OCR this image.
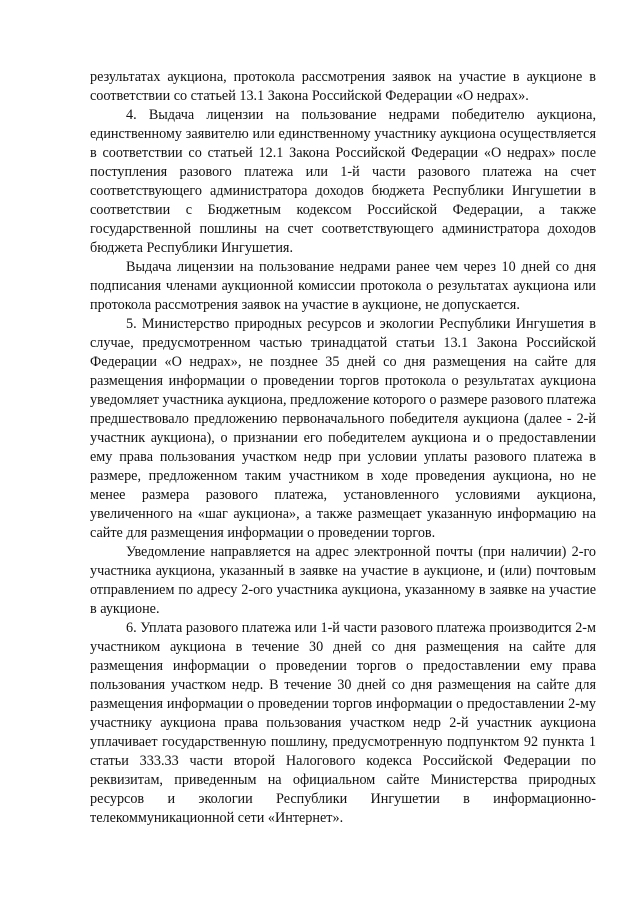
результатах аукциона, протокола рассмотрения заявок на участие в аукционе в соответствии со статьей 13.1 Закона Российской Федерации «О недрах».

4. Выдача лицензии на пользование недрами победителю аукциона, единственному заявителю или единственному участнику аукциона осуществляется в соответствии со статьей 12.1 Закона Российской Федерации «О недрах» после поступления разового платежа или 1-й части разового платежа на счет соответствующего администратора доходов бюджета Республики Ингушетии в соответствии с Бюджетным кодексом Российской Федерации, а также государственной пошлины на счет соответствующего администратора доходов бюджета Республики Ингушетия.

Выдача лицензии на пользование недрами ранее чем через 10 дней со дня подписания членами аукционной комиссии протокола о результатах аукциона или протокола рассмотрения заявок на участие в аукционе, не допускается.

5. Министерство природных ресурсов и экологии Республики Ингушетия в случае, предусмотренном частью тринадцатой статьи 13.1 Закона Российской Федерации «О недрах», не позднее 35 дней со дня размещения на сайте для размещения информации о проведении торгов протокола о результатах аукциона уведомляет участника аукциона, предложение которого о размере разового платежа предшествовало предложению первоначального победителя аукциона (далее - 2-й участник аукциона), о признании его победителем аукциона и о предоставлении ему права пользования участком недр при условии уплаты разового платежа в размере, предложенном таким участником в ходе проведения аукциона, но не менее размера разового платежа, установленного условиями аукциона, увеличенного на «шаг аукциона», а также размещает указанную информацию на сайте для размещения информации о проведении торгов.

Уведомление направляется на адрес электронной почты (при наличии) 2-го участника аукциона, указанный в заявке на участие в аукционе, и (или) почтовым отправлением по адресу 2-ого участника аукциона, указанному в заявке на участие в аукционе.

6. Уплата разового платежа или 1-й части разового платежа производится 2-м участником аукциона в течение 30 дней со дня размещения на сайте для размещения информации о проведении торгов о предоставлении ему права пользования участком недр. В течение 30 дней со дня размещения на сайте для размещения информации о проведении торгов информации о предоставлении 2-му участнику аукциона права пользования участком недр 2-й участник аукциона уплачивает государственную пошлину, предусмотренную подпунктом 92 пункта 1 статьи 333.33 части второй Налогового кодекса Российской Федерации по реквизитам, приведенным на официальном сайте Министерства природных ресурсов и экологии Республики Ингушетии в информационно-телекоммуникационной сети «Интернет».
